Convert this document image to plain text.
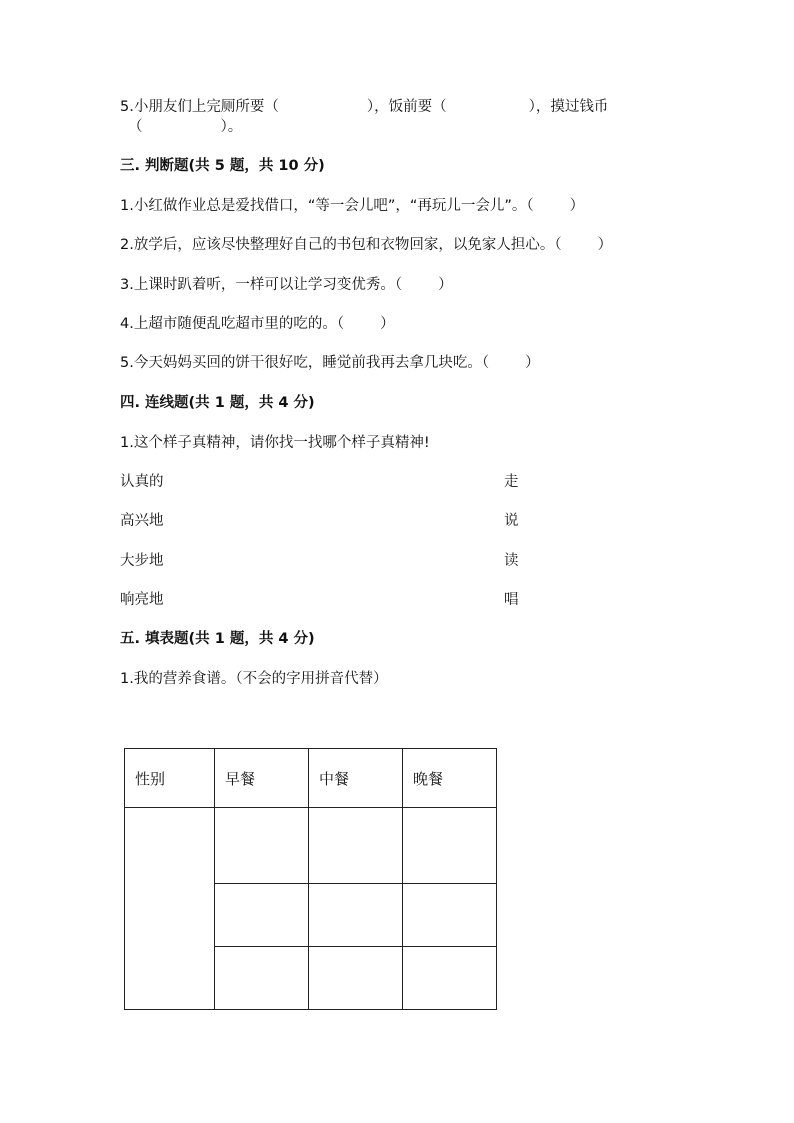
5.小朋友们上完厕所要（	），饭前要（	），摸过钱币
（	）。
三. 判断题(共 5 题，共 10 分)
1.小红做作业总是爱找借口，“等一会儿吧”，“再玩儿一会儿”。（ ）
2.放学后，应该尽快整理好自己的书包和衣物回家，以免家人担心。（ ）
3.上课时趴着听，一样可以让学习变优秀。（ ）
4.上超市随便乱吃超市里的吃的。（ ）
5.今天妈妈买回的饼干很好吃，睡觉前我再去拿几块吃。（ ）
四. 连线题(共 1 题，共 4 分)
1.这个样子真精神，请你找一找哪个样子真精神!
认真的	走
高兴地	说
大步地	读
响亮地	唱
五. 填表题(共 1 题，共 4 分)
1.我的营养食谱。（不会的字用拼音代替）
性别	早餐	中餐	晚餐
